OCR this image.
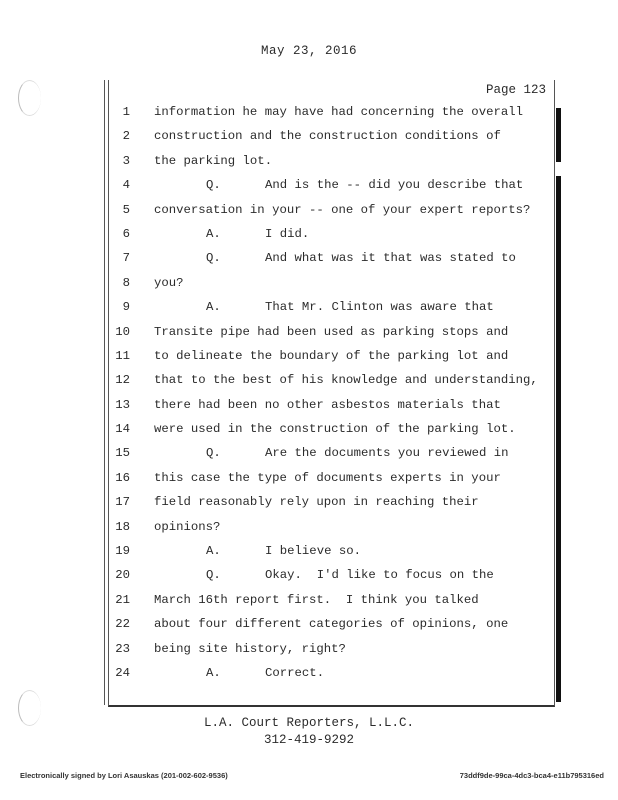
May 23, 2016
Page 123
1 information he may have had concerning the overall
2 construction and the construction conditions of
3 the parking lot.
4	Q.      And is the -- did you describe that
5 conversation in your -- one of your expert reports?
6	A.      I did.
7	Q.      And what was it that was stated to
8 you?
9	A.      That Mr. Clinton was aware that
10 Transite pipe had been used as parking stops and
11 to delineate the boundary of the parking lot and
12 that to the best of his knowledge and understanding,
13 there had been no other asbestos materials that
14 were used in the construction of the parking lot.
15	Q.      Are the documents you reviewed in
16 this case the type of documents experts in your
17 field reasonably rely upon in reaching their
18 opinions?
19	A.      I believe so.
20	Q.      Okay.  I'd like to focus on the
21 March 16th report first.  I think you talked
22 about four different categories of opinions, one
23 being site history, right?
24	A.      Correct.
L.A. Court Reporters, L.L.C.
312-419-9292
Electronically signed by Lori Asauskas (201-002-602-9536)	73ddf9de-99ca-4dc3-bca4-e11b795316ed
